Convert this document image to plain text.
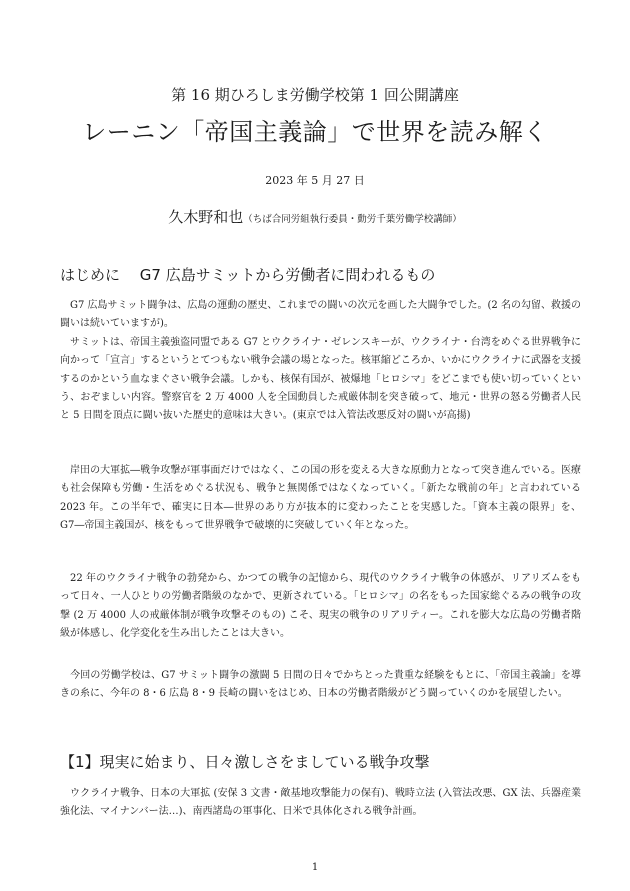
第 16 期ひろしま労働学校第 1 回公開講座
レーニン「帝国主義論」で世界を読み解く
2023 年 5 月 27 日
久木野和也（ちば合同労組執行委員・動労千葉労働学校講師）
はじめに　 G7 広島サミットから労働者に問われるもの

G7 広島サミット闘争は、広島の運動の歴史、これまでの闘いの次元を画した大闘争でした。(2 名の勾留、救援の闘いは続いていますが)。

サミットは、帝国主義強盗同盟である G7 とウクライナ・ゼレンスキーが、ウクライナ・台湾をめぐる世界戦争に向かって「宣言」するというとてつもない戦争会議の場となった。核軍縮どころか、いかにウクライナに武器を支援するのかという血なまぐさい戦争会議。しかも、核保有国が、被爆地「ヒロシマ」をどこまでも使い切っていくという、おぞましい内容。警察官を 2 万 4000 人を全国動員した戒厳体制を突き破って、地元・世界の怒る労働者人民と 5 日間を頂点に闘い抜いた歴史的意味は大きい。(東京では入管法改悪反対の闘いが高揚)

岸田の大軍拡―戦争攻撃が軍事面だけではなく、この国の形を変える大きな原動力となって突き進んでいる。医療も社会保障も労働・生活をめぐる状況も、戦争と無関係ではなくなっていく。「新たな戦前の年」と言われている 2023 年。この半年で、確実に日本―世界のあり方が抜本的に変わったことを実感した。「資本主義の限界」を、G7―帝国主義国が、核をもって世界戦争で破壊的に突破していく年となった。

22 年のウクライナ戦争の勃発から、かつての戦争の記憶から、現代のウクライナ戦争の体感が、リアリズムをもって日々、一人ひとりの労働者階級のなかで、更新されている。「ヒロシマ」の名をもった国家総ぐるみの戦争の攻撃 (2 万 4000 人の戒厳体制が戦争攻撃そのもの) こそ、現実の戦争のリアリティー。これを膨大な広島の労働者階級が体感し、化学変化を生み出したことは大きい。

今回の労働学校は、G7 サミット闘争の激闘 5 日間の日々でかちとった貴重な経験をもとに、「帝国主義論」を導きの糸に、今年の 8・6 広島 8・9 長崎の闘いをはじめ、日本の労働者階級がどう闘っていくのかを展望したい。

【1】現実に始まり、日々激しさをましている戦争攻撃

ウクライナ戦争、日本の大軍拡 (安保 3 文書・敵基地攻撃能力の保有)、戦時立法 (入管法改悪、GX 法、兵器産業強化法、マイナンバー法…)、南西諸島の軍事化、日米で具体化される戦争計画。

1
